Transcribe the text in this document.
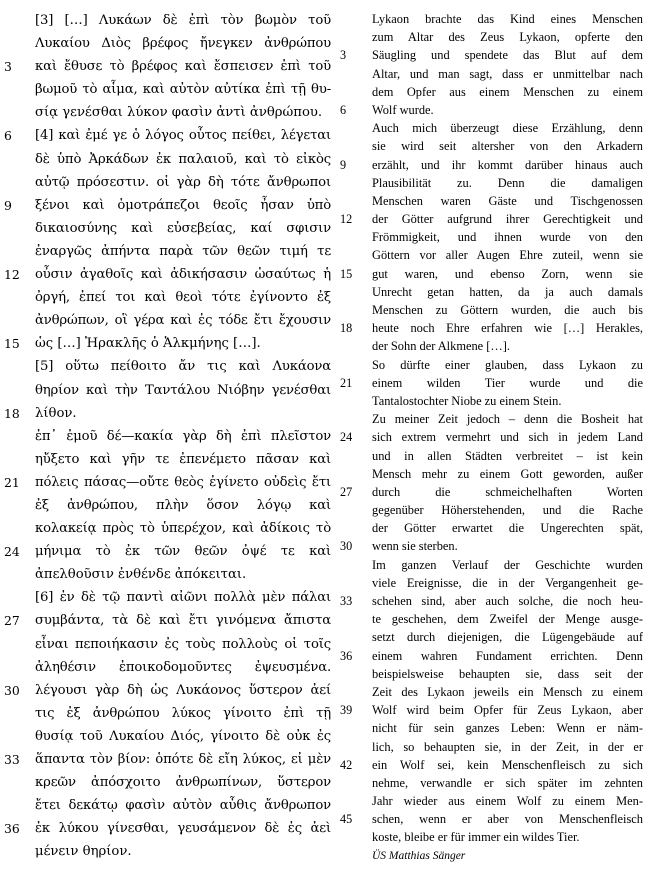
[3] […] Λυκάων δὲ ἐπὶ τὸν βωμὸν τοῦ
Λυκαίου Διὸς βρέφος ἤνεγκεν ἀνθρώπου
3	καὶ ἔθυσε τὸ βρέφος καὶ ἔσπεισεν ἐπὶ τοῦ
βωμοῦ τὸ αἷμα, καὶ αὐτὸν αὐτίκα ἐπὶ τῇ θυ-
σίᾳ γενέσθαι λύκον φασὶν ἀντὶ ἀνθρώπου.
6	[4] καὶ ἐμέ γε ὁ λόγος οὗτος πείθει, λέγεται
δὲ ὑπὸ Ἀρκάδων ἐκ παλαιοῦ, καὶ τὸ εἰκὸς
αὐτῷ πρόσεστιν. οἱ γὰρ δὴ τότε ἄνθρωποι
9	ξένοι καὶ ὁμοτράπεζοι θεοῖς ἦσαν ὑπὸ
δικαιοσύνης καὶ εὐσεβείας, καί σφισιν
ἐναργῶς ἀπήντα παρὰ τῶν θεῶν τιμή τε
12	οὖσιν ἀγαθοῖς καὶ ἀδικήσασιν ὡσαύτως ἡ
ὀργή, ἐπεί τοι καὶ θεοὶ τότε ἐγίνοντο ἐξ
ἀνθρώπων, οἳ γέρα καὶ ἐς τόδε ἔτι ἔχουσιν
15	ὡς […] Ἡρακλῆς ὁ Ἀλκμήνης […].
[5] οὕτω πείθοιτο ἄν τις καὶ Λυκάονα
θηρίον καὶ τὴν Ταντάλου Νιόβην γενέσθαι
18	λίθον.
ἐπ᾽ ἐμοῦ δέ—κακία γὰρ δὴ ἐπὶ πλεῖστον
ηὔξετο καὶ γῆν τε ἐπενέμετο πᾶσαν καὶ
21	πόλεις πάσας—οὔτε θεὸς ἐγίνετο οὐδεὶς ἔτι
ἐξ ἀνθρώπου, πλὴν ὅσον λόγῳ καὶ
κολακείᾳ πρὸς τὸ ὑπερέχον, καὶ ἀδίκοις τὸ
24	μήνιμα τὸ ἐκ τῶν θεῶν ὀψέ τε καὶ
ἀπελθοῦσιν ἐνθένδε ἀπόκειται.
[6] ἐν δὲ τῷ παντὶ αἰῶνι πολλὰ μὲν πάλαι
27	συμβάντα, τὰ δὲ καὶ ἔτι γινόμενα ἄπιστα
εἶναι πεποιήκασιν ἐς τοὺς πολλοὺς οἱ τοῖς
ἀληθέσιν ἐποικοδομοῦντες ἐψευσμένα.
30	λέγουσι γὰρ δὴ ὡς Λυκάονος ὕστερον ἀεί
τις ἐξ ἀνθρώπου λύκος γίνοιτο ἐπὶ τῇ
θυσίᾳ τοῦ Λυκαίου Διός, γίνοιτο δὲ οὐκ ἐς
33	ἅπαντα τὸν βίον: ὁπότε δὲ εἴη λύκος, εἰ μὲν
κρεῶν ἀπόσχοιτο ἀνθρωπίνων, ὕστερον
ἔτει δεκάτῳ φασὶν αὐτὸν αὖθις ἄνθρωπον
36	ἐκ λύκου γίνεσθαι, γευσάμενον δὲ ἐς ἀεὶ
μένειν θηρίον.
Lykaon brachte das Kind eines Menschen
zum Altar des Zeus Lykaon, opferte den
3	Säugling und spendete das Blut auf dem
Altar, und man sagt, dass er unmittelbar nach
dem Opfer aus einem Menschen zu einem
6	Wolf wurde.
Auch mich überzeugt diese Erzählung, denn
sie wird seit altersher von den Arkadern
9	erzählt, und ihr kommt darüber hinaus auch
Plausibilität zu. Denn die damaligen
Menschen waren Gäste und Tischgenossen
12	der Götter aufgrund ihrer Gerechtigkeit und
Frömmigkeit, und ihnen wurde von den
Göttern vor aller Augen Ehre zuteil, wenn sie
15	gut waren, und ebenso Zorn, wenn sie
Unrecht getan hatten, da ja auch damals
Menschen zu Göttern wurden, die auch bis
18	heute noch Ehre erfahren wie […] Herakles,
der Sohn der Alkmene […].
So dürfte einer glauben, dass Lykaon zu
21	einem wilden Tier wurde und die
Tantalostochter Niobe zu einem Stein.
Zu meiner Zeit jedoch – denn die Bosheit hat
24	sich extrem vermehrt und sich in jedem Land
und in allen Städten verbreitet – ist kein
Mensch mehr zu einem Gott geworden, außer
27	durch die schmeichelhaften Worten
gegenüber Höherstehenden, und die Rache
der Götter erwartet die Ungerechten spät,
30	wenn sie sterben.
Im ganzen Verlauf der Geschichte wurden
viele Ereignisse, die in der Vergangenheit ge-
33	schehen sind, aber auch solche, die noch heu-
te geschehen, dem Zweifel der Menge ausge-
setzt durch diejenigen, die Lügengebäude auf
36	einem wahren Fundament errichten. Denn
beispielsweise behaupten sie, dass seit der
Zeit des Lykaon jeweils ein Mensch zu einem
39	Wolf wird beim Opfer für Zeus Lykaon, aber
nicht für sein ganzes Leben: Wenn er näm-
lich, so behaupten sie, in der Zeit, in der er
42	ein Wolf sei, kein Menschenfleisch zu sich
nehme, verwandle er sich später im zehnten
Jahr wieder aus einem Wolf zu einem Men-
45	schen, wenn er aber von Menschenfleisch
koste, bleibe er für immer ein wildes Tier.
ÜS Matthias Sänger
